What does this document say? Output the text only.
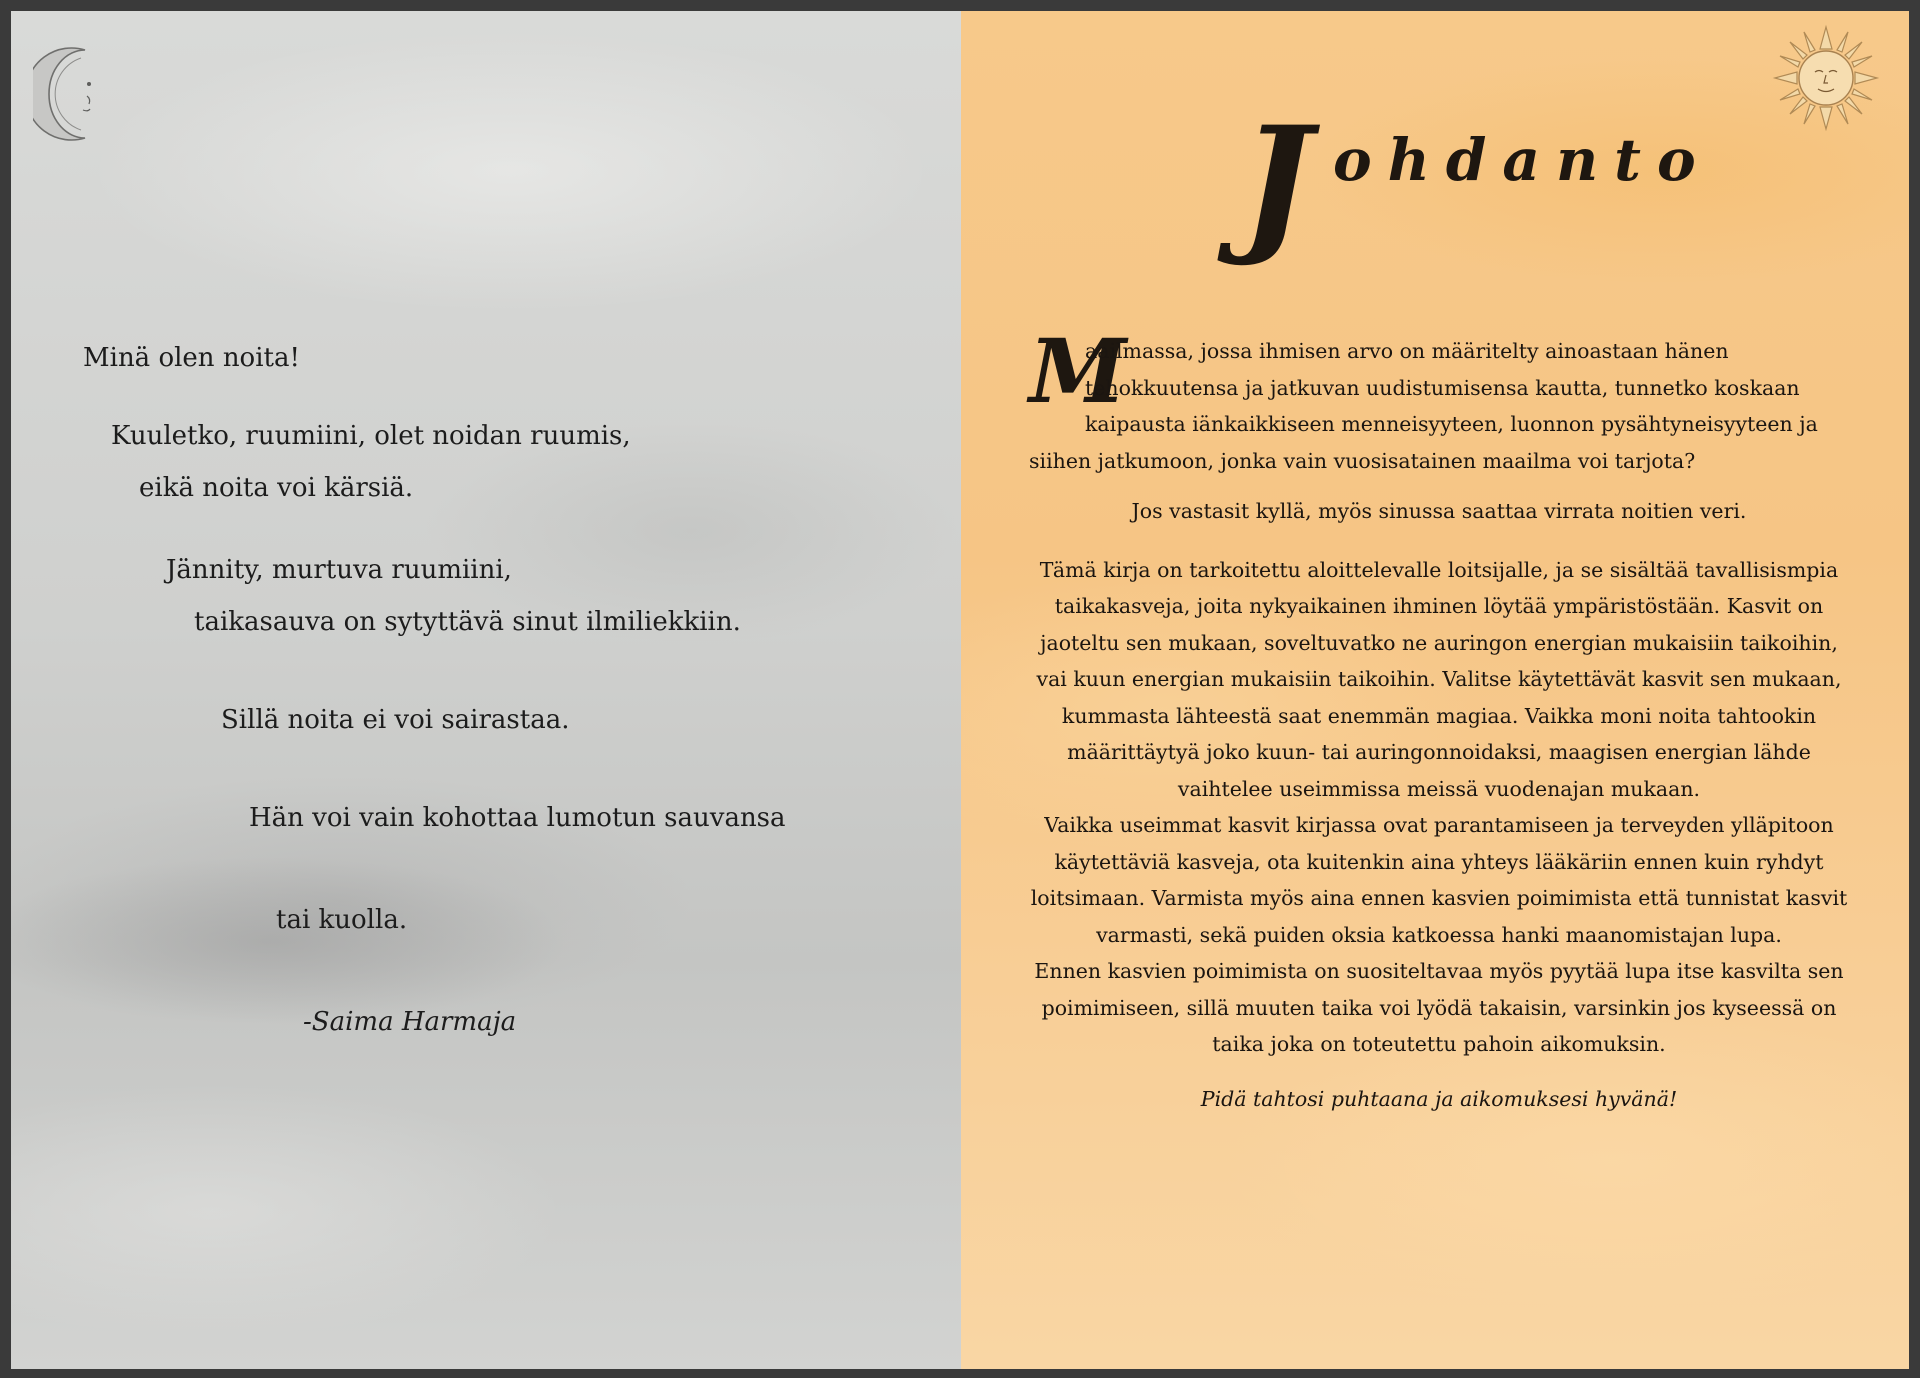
Minä olen noita!

Kuuletko, ruumiini, olet noidan ruumis,

eikä noita voi kärsiä.

Jännity, murtuva ruumiini,

taikasauva on sytyttävä sinut ilmiliekkiin.

Sillä noita ei voi sairastaa.

Hän voi vain kohottaa lumotun sauvansa

tai kuolla.

-Saima Harmaja

J ohdanto

M
aailmassa, jossa ihmisen arvo on määritelty ainoastaan hänen tehokkuutensa ja jatkuvan uudistumisensa kautta, tunnetko koskaan kaipausta iänkaikkiseen menneisyyteen, luonnon pysähtyneisyyteen ja siihen jatkumoon, jonka vain vuosisatainen maailma voi tarjota?

Jos vastasit kyllä, myös sinussa saattaa virrata noitien veri.

Tämä kirja on tarkoitettu aloittelevalle loitsijalle, ja se sisältää tavallisismpia taikakasveja, joita nykyaikainen ihminen löytää ympäristöstään. Kasvit on jaoteltu sen mukaan, soveltuvatko ne auringon energian mukaisiin taikoihin, vai kuun energian mukaisiin taikoihin. Valitse käytettävät kasvit sen mukaan, kummasta lähteestä saat enemmän magiaa. Vaikka moni noita tahtookin määrittäytyä joko kuun- tai auringonnoidaksi, maagisen energian lähde vaihtelee useimmissa meissä vuodenajan mukaan.

Vaikka useimmat kasvit kirjassa ovat parantamiseen ja terveyden ylläpitoon käytettäviä kasveja, ota kuitenkin aina yhteys lääkäriin ennen kuin ryhdyt loitsimaan. Varmista myös aina ennen kasvien poimimista että tunnistat kasvit varmasti, sekä puiden oksia katkoessa hanki maanomistajan lupa.

Ennen kasvien poimimista on suositeltavaa myös pyytää lupa itse kasvilta sen poimimiseen, sillä muuten taika voi lyödä takaisin, varsinkin jos kyseessä on taika joka on toteutettu pahoin aikomuksin.

Pidä tahtosi puhtaana ja aikomuksesi hyvänä!
